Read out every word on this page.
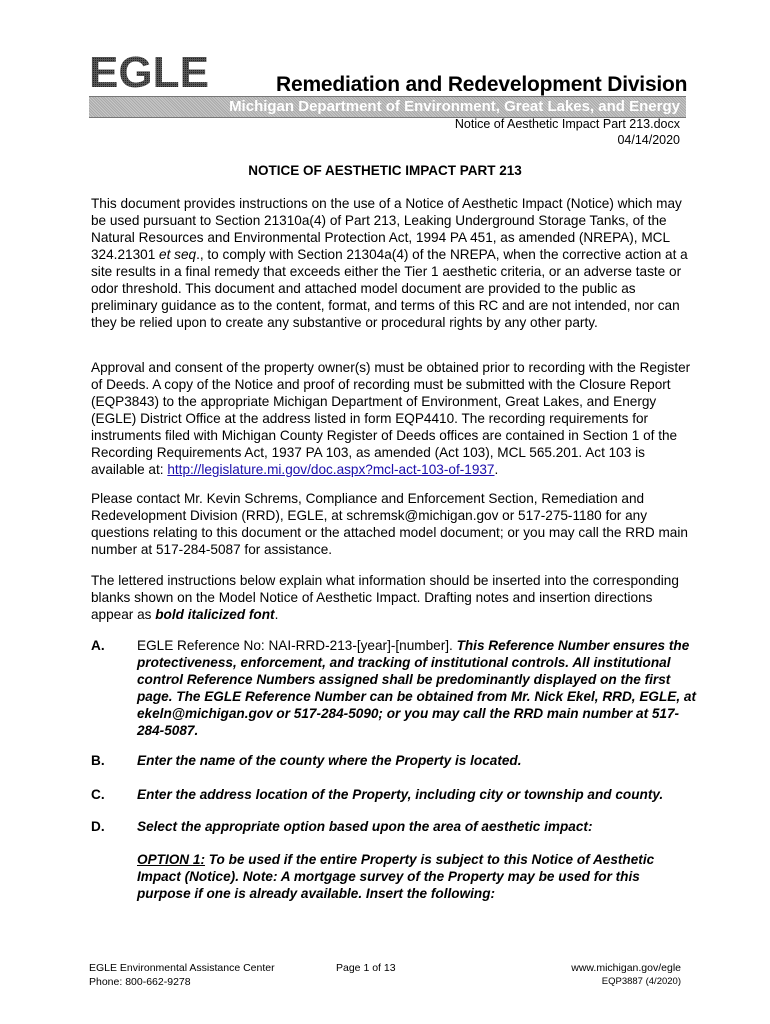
EGLE	Remediation and Redevelopment Division
Michigan Department of Environment, Great Lakes, and Energy
Notice of Aesthetic Impact Part 213.docx
04/14/2020
NOTICE OF AESTHETIC IMPACT PART 213
This document provides instructions on the use of a Notice of Aesthetic Impact (Notice) which may be used pursuant to Section 21310a(4) of Part 213, Leaking Underground Storage Tanks, of the Natural Resources and Environmental Protection Act, 1994 PA 451, as amended (NREPA), MCL 324.21301 et seq., to comply with Section 21304a(4) of the NREPA, when the corrective action at a site results in a final remedy that exceeds either the Tier 1 aesthetic criteria, or an adverse taste or odor threshold. This document and attached model document are provided to the public as preliminary guidance as to the content, format, and terms of this RC and are not intended, nor can they be relied upon to create any substantive or procedural rights by any other party.
Approval and consent of the property owner(s) must be obtained prior to recording with the Register of Deeds. A copy of the Notice and proof of recording must be submitted with the Closure Report (EQP3843) to the appropriate Michigan Department of Environment, Great Lakes, and Energy (EGLE) District Office at the address listed in form EQP4410. The recording requirements for instruments filed with Michigan County Register of Deeds offices are contained in Section 1 of the Recording Requirements Act, 1937 PA 103, as amended (Act 103), MCL 565.201. Act 103 is available at: http://legislature.mi.gov/doc.aspx?mcl-act-103-of-1937.
Please contact Mr. Kevin Schrems, Compliance and Enforcement Section, Remediation and Redevelopment Division (RRD), EGLE, at schremsk@michigan.gov or 517-275-1180 for any questions relating to this document or the attached model document; or you may call the RRD main number at 517-284-5087 for assistance.
The lettered instructions below explain what information should be inserted into the corresponding blanks shown on the Model Notice of Aesthetic Impact. Drafting notes and insertion directions appear as bold italicized font.
A. EGLE Reference No: NAI-RRD-213-[year]-[number]. This Reference Number ensures the protectiveness, enforcement, and tracking of institutional controls. All institutional control Reference Numbers assigned shall be predominantly displayed on the first page. The EGLE Reference Number can be obtained from Mr. Nick Ekel, RRD, EGLE, at ekeln@michigan.gov or 517-284-5090; or you may call the RRD main number at 517-284-5087.
B. Enter the name of the county where the Property is located.
C. Enter the address location of the Property, including city or township and county.
D. Select the appropriate option based upon the area of aesthetic impact:
OPTION 1: To be used if the entire Property is subject to this Notice of Aesthetic Impact (Notice). Note: A mortgage survey of the Property may be used for this purpose if one is already available. Insert the following:
EGLE Environmental Assistance Center
Phone: 800-662-9278
Page 1 of 13	www.michigan.gov/egle
EQP3887 (4/2020)
